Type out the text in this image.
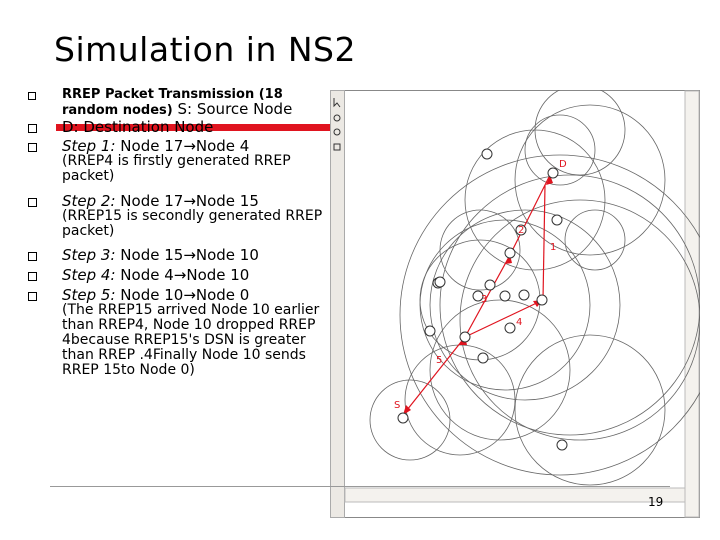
Simulation in NS2
RREP Packet Transmission (18 random nodes) S: Source Node
D: Destination Node
Step 1: Node 17→Node 4
(RREP4 is firstly generated RREP packet)
Step 2: Node 17→Node 15
(RREP15 is secondly generated RREP packet)
Step 3: Node 15→Node 10
Step 4: Node 4→Node 10
Step 5: Node 10→Node 0
(The RREP15 arrived Node 10 earlier than RREP4, Node 10 dropped RREP 4because RREP15's DSN is greater than RREP .4Finally Node 10 sends RREP 15to Node 0)
D
S
1
2
3
4
5
19
